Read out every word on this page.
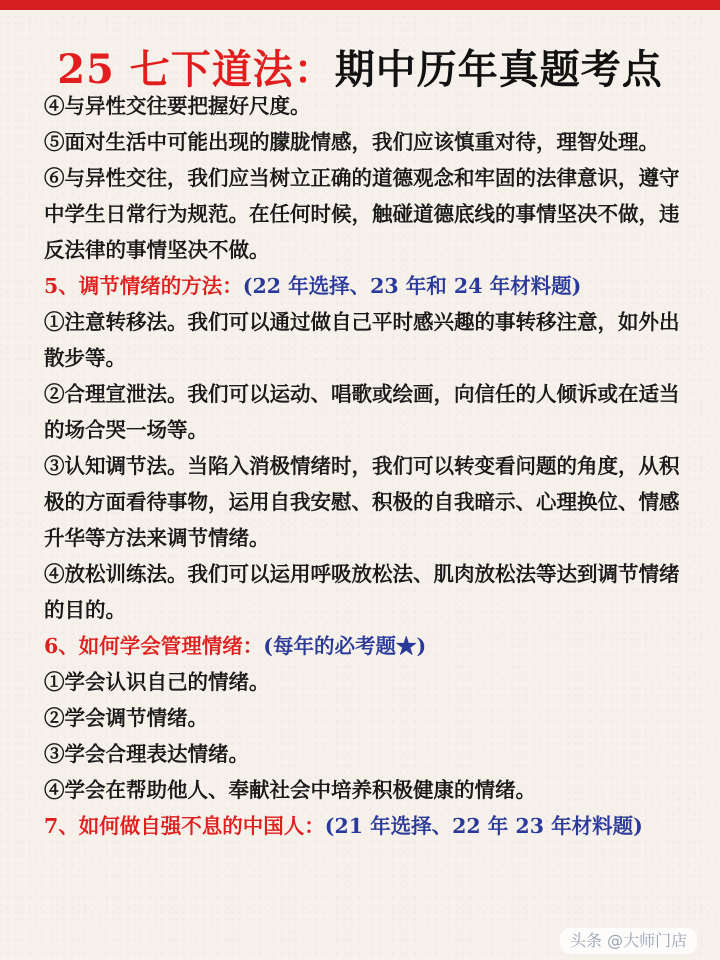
25 七下道法：期中历年真题考点

④与异性交往要把握好尺度。

⑤面对生活中可能出现的朦胧情感，我们应该慎重对待，理智处理。

⑥与异性交往，我们应当树立正确的道德观念和牢固的法律意识，遵守中学生日常行为规范。在任何时候，触碰道德底线的事情坚决不做，违反法律的事情坚决不做。

5、调节情绪的方法：(22 年选择、23 年和 24 年材料题)

①注意转移法。我们可以通过做自己平时感兴趣的事转移注意，如外出散步等。

②合理宣泄法。我们可以运动、唱歌或绘画，向信任的人倾诉或在适当的场合哭一场等。

③认知调节法。当陷入消极情绪时，我们可以转变看问题的角度，从积极的方面看待事物，运用自我安慰、积极的自我暗示、心理换位、情感升华等方法来调节情绪。

④放松训练法。我们可以运用呼吸放松法、肌肉放松法等达到调节情绪的目的。

6、如何学会管理情绪：(每年的必考题★)

①学会认识自己的情绪。

②学会调节情绪。

③学会合理表达情绪。

④学会在帮助他人、奉献社会中培养积极健康的情绪。

7、如何做自强不息的中国人：(21 年选择、22 年 23 年材料题)

头条 @大师门店
